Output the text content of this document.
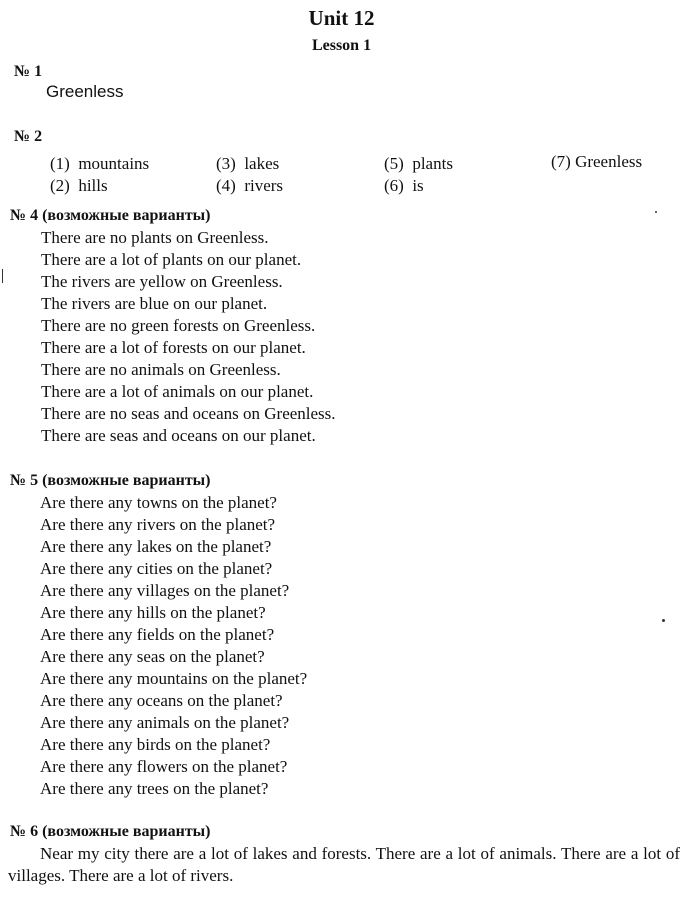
Unit 12
Lesson 1
№ 1
Greenless
№ 2
(1) mountains
(2) hills
(3) lakes
(4) rivers
(5) plants
(6) is
(7) Greenless
№ 4 (возможные варианты)
There are no plants on Greenless.
There are a lot of plants on our planet.
The rivers are yellow on Greenless.
The rivers are blue on our planet.
There are no green forests on Greenless.
There are a lot of forests on our planet.
There are no animals on Greenless.
There are a lot of animals on our planet.
There are no seas and oceans on Greenless.
There are seas and oceans on our planet.
№ 5 (возможные варианты)
Are there any towns on the planet?
Are there any rivers on the planet?
Are there any lakes on the planet?
Are there any cities on the planet?
Are there any villages on the planet?
Are there any hills on the planet?
Are there any fields on the planet?
Are there any seas on the planet?
Are there any mountains on the planet?
Are there any oceans on the planet?
Are there any animals on the planet?
Are there any birds on the planet?
Are there any flowers on the planet?
Are there any trees on the planet?
№ 6 (возможные варианты)

Near my city there are a lot of lakes and forests. There are a lot of animals. There are a lot of villages. There are a lot of rivers.
